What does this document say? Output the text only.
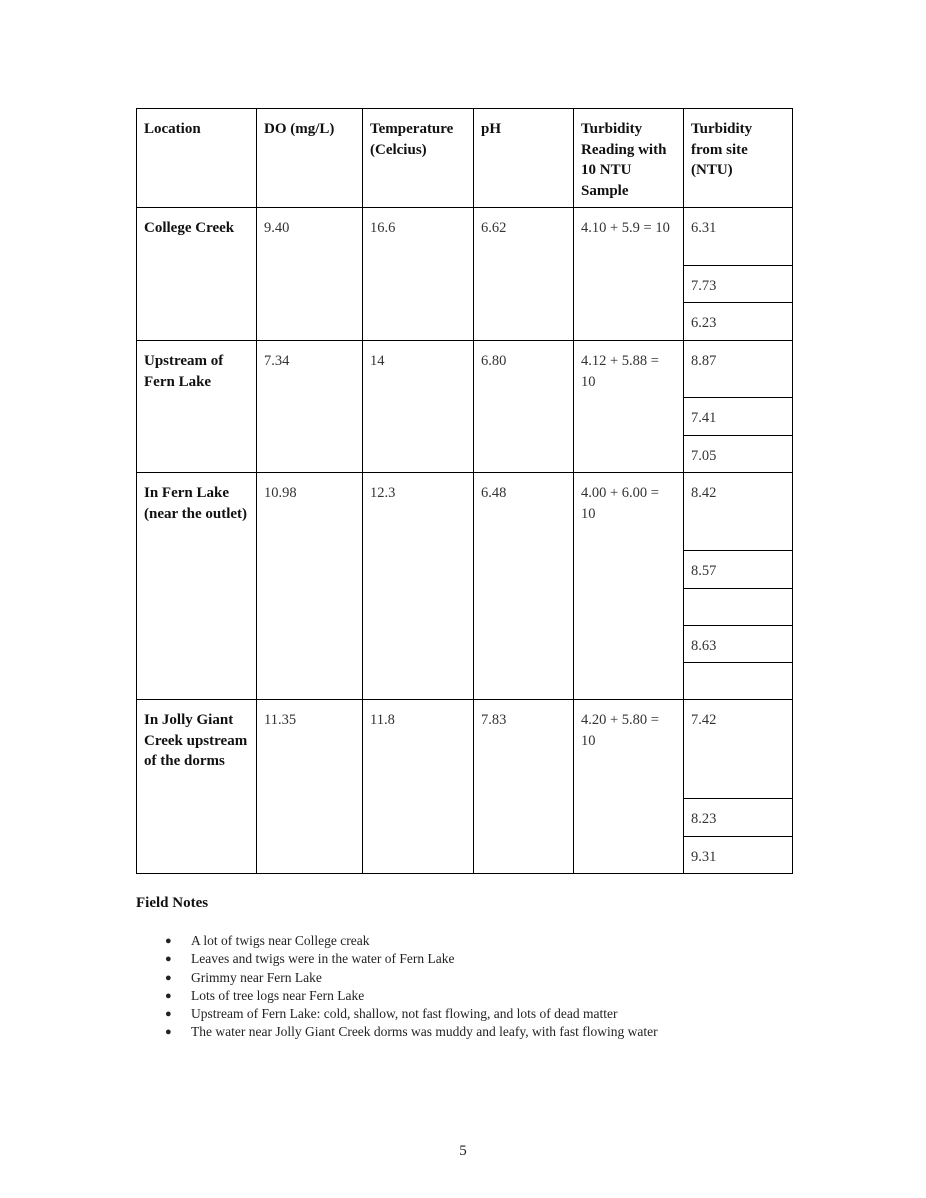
Location	DO (mg/L)	Temperature (Celcius)	pH	Turbidity Reading with 10 NTU Sample	Turbidity from site (NTU)
College Creek	9.40	16.6	6.62	4.10 + 5.9 = 10	6.31
					7.73
					6.23
Upstream of Fern Lake	7.34	14	6.80	4.12 + 5.88 = 10	8.87
					7.41
					7.05
In Fern Lake (near the outlet)	10.98	12.3	6.48	4.00 + 6.00 = 10	8.42
					8.57

					8.63

In Jolly Giant Creek upstream of the dorms	11.35	11.8	7.83	4.20 + 5.80 = 10	7.42
					8.23
					9.31
Field Notes
● A lot of twigs near College creak
● Leaves and twigs were in the water of Fern Lake
● Grimmy near Fern Lake
● Lots of tree logs near Fern Lake
● Upstream of Fern Lake: cold, shallow, not fast flowing, and lots of dead matter
● The water near Jolly Giant Creek dorms was muddy and leafy, with fast flowing water
5
